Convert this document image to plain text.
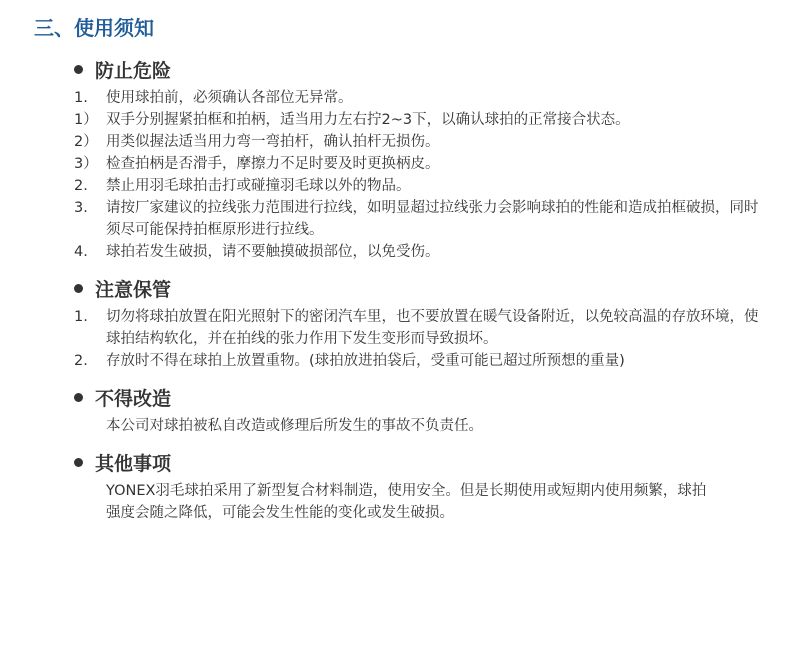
三、使用须知
防止危险
1.	使用球拍前，必须确认各部位无异常。
1） 双手分别握紧拍框和拍柄，适当用力左右拧2~3下，以确认球拍的正常接合状态。
2） 用类似握法适当用力弯一弯拍杆，确认拍杆无损伤。
3） 检查拍柄是否滑手，摩擦力不足时要及时更换柄皮。
2.	禁止用羽毛球拍击打或碰撞羽毛球以外的物品。
3.	请按厂家建议的拉线张力范围进行拉线，如明显超过拉线张力会影响球拍的性能和造成拍框破损，同时须尽可能保持拍框原形进行拉线。
4.	球拍若发生破损，请不要触摸破损部位，以免受伤。
注意保管
1.	切勿将球拍放置在阳光照射下的密闭汽车里，也不要放置在暖气设备附近，以免较高温的存放环境，使球拍结构软化，并在拍线的张力作用下发生变形而导致损坏。
2.	存放时不得在球拍上放置重物。(球拍放进拍袋后，受重可能已超过所预想的重量)
不得改造
本公司对球拍被私自改造或修理后所发生的事故不负责任。
其他事项
YONEX羽毛球拍采用了新型复合材料制造，使用安全。但是长期使用或短期内使用频繁，球拍强度会随之降低，可能会发生性能的变化或发生破损。
